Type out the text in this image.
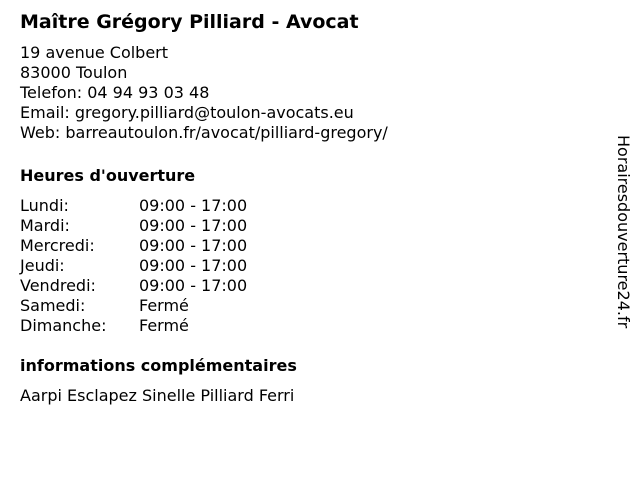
Maître Grégory Pilliard - Avocat
19 avenue Colbert
83000 Toulon
Telefon: 04 94 93 03 48
Email: gregory.pilliard@toulon-avocats.eu
Web: barreautoulon.fr/avocat/pilliard-gregory/
Heures d'ouverture
Lundi:	09:00 - 17:00
Mardi:	09:00 - 17:00
Mercredi:	09:00 - 17:00
Jeudi:	09:00 - 17:00
Vendredi:	09:00 - 17:00
Samedi:	Fermé
Dimanche:	Fermé
informations complémentaires
Aarpi Esclapez Sinelle Pilliard Ferri
Horairesdouverture24.fr
